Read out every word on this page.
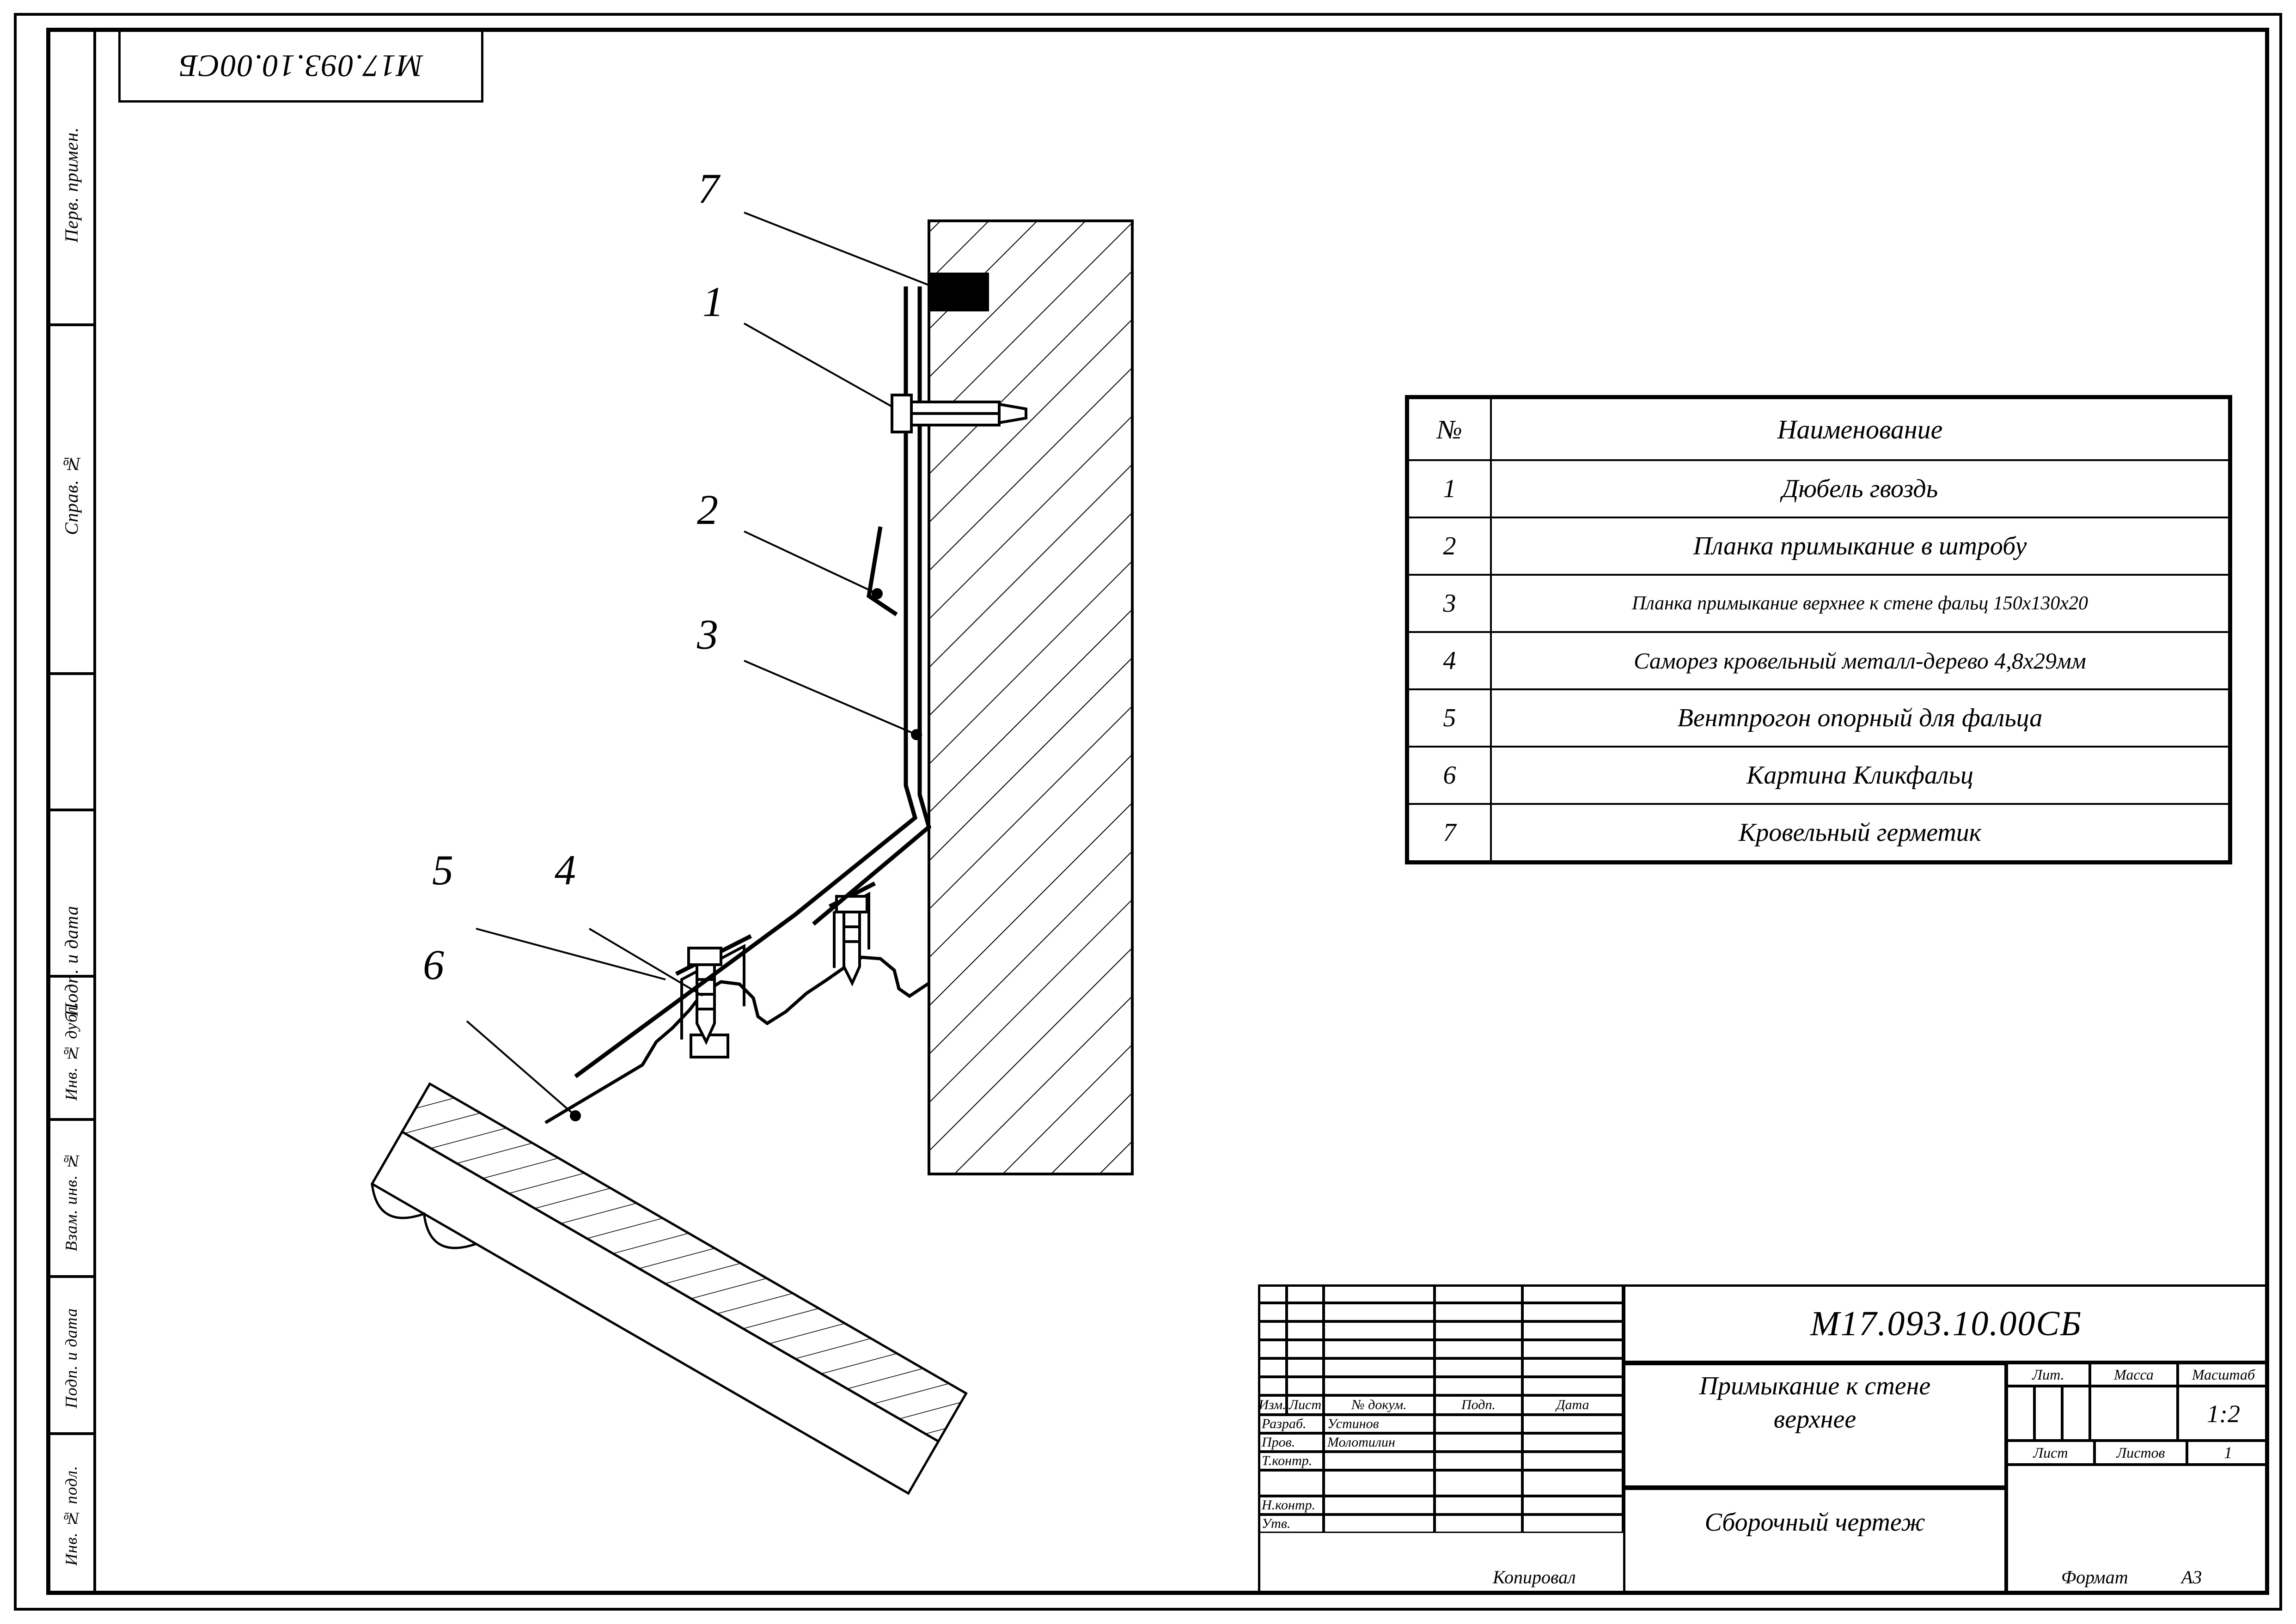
Перв. примен.
Справ. №
Подп. и дата
Инв. № дубл.
Взам. инв. №
Подп. и дата
Инв. № подл.
М17.093.10.00СБ
7
1
2
3
5 4
6
№	Наименование
1	Дюбель гвоздь
2	Планка примыкание в штробу
3	Планка примыкание верхнее к стене фальц 150х130х20
4	Саморез кровельный металл-дерево 4,8х29мм
5	Вентпрогон опорный для фальца
6	Картина Кликфальц
7	Кровельный герметик
Изм. Лист	№ докум.	Подп.	Дата
Разраб.	Устинов
Пров.	Молотилин
Т.контр.
Н.контр.
Утв.
М17.093.10.00СБ
Примыкание к стене
верхнее
Сборочный чертеж
Лит.	Масса	Масштаб
1:2
Лист	Листов	1
Копировал	Формат	А3
